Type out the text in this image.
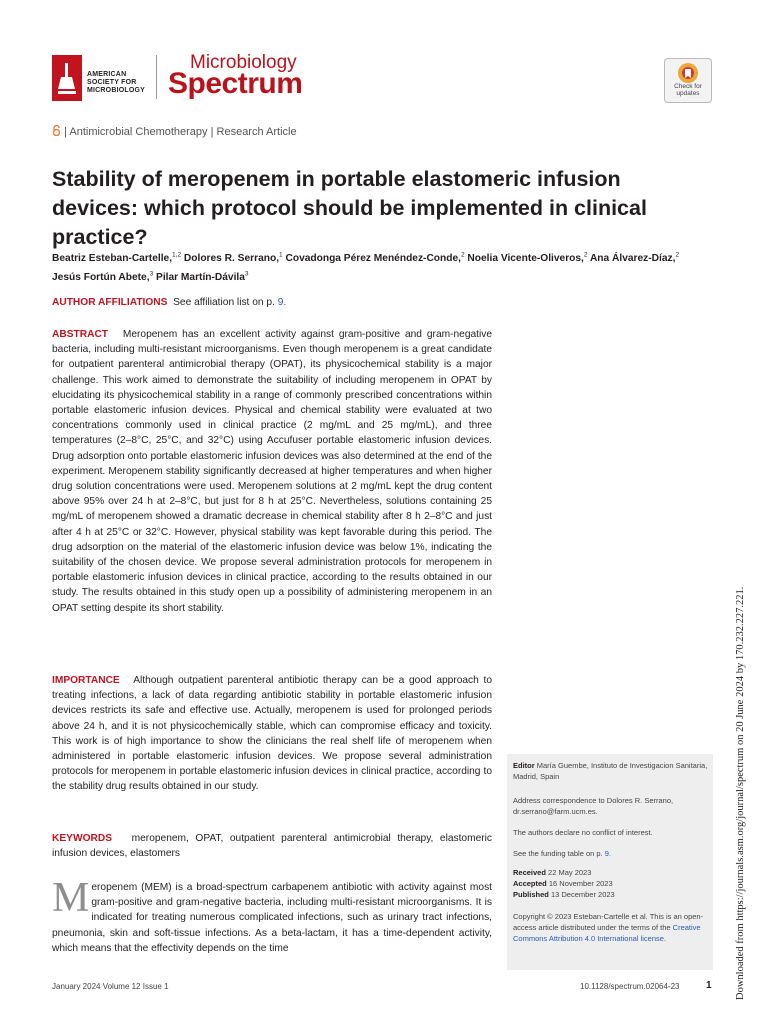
AMERICAN
SOCIETY FOR
MICROBIOLOGY
Microbiology
Spectrum	Check for updates
| Antimicrobial Chemotherapy | Research Article
Stability of meropenem in portable elastomeric infusion devices: which protocol should be implemented in clinical practice?
Beatriz Esteban-Cartelle,$^{1,2}$ Dolores R. Serrano,$^1$ Covadonga Pérez Menéndez-Conde,$^2$ Noelia Vicente-Oliveros,$^2$ Ana Álvarez-Díaz,$^2$
Jesús Fortún Abete,$^3$ Pilar Martín-Dávila$^3$
AUTHOR AFFILIATIONS See affiliation list on p. 9.
ABSTRACT Meropenem has an excellent activity against gram-positive and gram-negative bacteria, including multi-resistant microorganisms. Even though meropenem is a great candidate for outpatient parenteral antimicrobial therapy (OPAT), its physicochemical stability is a major challenge. This work aimed to demonstrate the suitability of including meropenem in OPAT by elucidating its physicochemical stability in a range of commonly prescribed concentrations within portable elastomeric infusion devices. Physical and chemical stability were evaluated at two concentrations commonly used in clinical practice (2 mg/mL and 25 mg/mL), and three temperatures (2–8°C, 25°C, and 32°C) using Accufuser portable elastomeric infusion devices. Drug adsorption onto portable elastomeric infusion devices was also determined at the end of the experiment. Meropenem stability significantly decreased at higher temperatures and when higher drug solution concentrations were used. Meropenem solutions at 2 mg/mL kept the drug content above 95% over 24 h at 2–8°C, but just for 8 h at 25°C. Nevertheless, solutions containing 25 mg/mL of meropenem showed a dramatic decrease in chemical stability after 8 h 2–8°C and just after 4 h at 25°C or 32°C. However, physical stability was kept favorable during this period. The drug adsorption on the material of the elastomeric infusion device was below 1%, indicating the suitability of the chosen device. We propose several administration protocols for meropenem in portable elastomeric infusion devices in clinical practice, according to the results obtained in our study. The results obtained in this study open up a possibility of administering meropenem in an OPAT setting despite its short stability.
IMPORTANCE Although outpatient parenteral antibiotic therapy can be a good approach to treating infections, a lack of data regarding antibiotic stability in portable elastomeric infusion devices restricts its safe and effective use. Actually, meropenem is used for prolonged periods above 24 h, and it is not physicochemically stable, which can compromise efficacy and toxicity. This work is of high importance to show the clinicians the real shelf life of meropenem when administered in portable elastomeric infusion devices. We propose several administration protocols for meropenem in portable elastomeric infusion devices in clinical practice, according to the stability drug results obtained in our study.
KEYWORDS meropenem, OPAT, outpatient parenteral antimicrobial therapy, elastomeric infusion devices, elastomers
M eropenem (MEM) is a broad-spectrum carbapenem antibiotic with activity against most gram-positive and gram-negative bacteria, including multi-resistant microorganisms. It is indicated for treating numerous complicated infections, such as urinary tract infections, pneumonia, skin and soft-tissue infections. As a beta-lactam, it has a time-dependent activity, which means that the effectivity depends on the time
Editor María Guembe, Instituto de Investigacion Sanitaria, Madrid, Spain
Address correspondence to Dolores R. Serrano, dr.serrano@farm.ucm.es.
The authors declare no conflict of interest.
See the funding table on p. 9.
Received 22 May 2023
Accepted 16 November 2023
Published 13 December 2023
Copyright © 2023 Esteban-Cartelle et al. This is an open-access article distributed under the terms of the Creative Commons Attribution 4.0 International license.	Downloaded from https://journals.asm.org/journal/spectrum on 20 June 2024 by 170.232.227.221.
January 2024 Volume 12 Issue 1	10.1128/spectrum.02064-23	1
